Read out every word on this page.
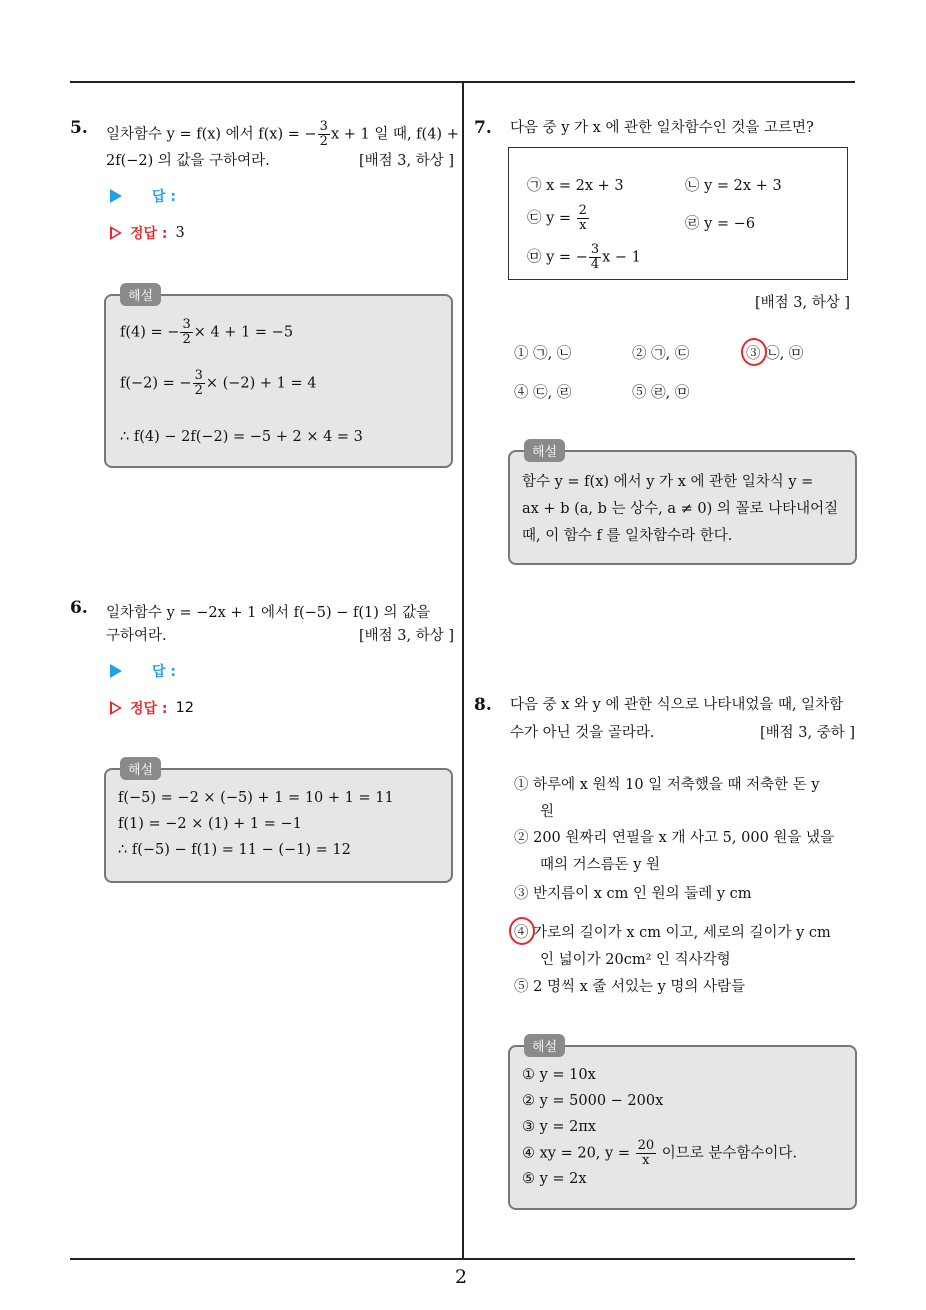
2
5. 일차함수 y = f(x) 에서 f(x) = − $\frac{3}{2}$ x + 1 일 때, f(4) +
2f(−2) 의 값을 구하여라.	[배점 3, 하상 ]
답 :
정답 : 3
해설
f(4) = − $\frac{3}{2} \times 4 + 1 = -5$
f(−2) = − $\frac{3}{2} \times (-2) + 1 = 4$
∴ f(4) − 2f(−2) = −5 + 2 × 4 = 3
6. 일차함수 y = −2x + 1 에서 f(−5) − f(1) 의 값을
구하여라.	[배점 3, 하상 ]
답 :
정답 : 12
해설
f(−5) = −2 × (−5) + 1 = 10 + 1 = 11
f(1) = −2 × (1) + 1 = −1
∴ f(−5) − f(1) = 11 − (−1) = 12
7. 다음 중 y 가 x 에 관한 일차함수인 것을 고르면?
㉠ x = 2x + 3	㉡ y = 2x + 3
㉢ $y = \frac{2}{x}$	㉣ y = −6
㉤ y = − $\frac{3}{4}$ x − 1
[배점 3, 하상 ]
① ㉠, ㉡	② ㉠, ㉢	③ ㉡, ㉤
④ ㉢, ㉣	⑤ ㉣, ㉤
해설
함수 y = f(x) 에서 y 가 x 에 관한 일차식 y =
ax + b (a, b 는 상수, a ≠ 0) 의 꼴로 나타내어질
때, 이 함수 f 를 일차함수라 한다.
8. 다음 중 x 와 y 에 관한 식으로 나타내었을 때, 일차함
수가 아닌 것을 골라라.	[배점 3, 중하 ]
① 하루에 x 원씩 10 일 저축했을 때 저축한 돈 y
원
② 200 원짜리 연필을 x 개 사고 5, 000 원을 냈을
때의 거스름돈 y 원
③ 반지름이 x cm 인 원의 둘레 y cm
④ 가로의 길이가 x cm 이고, 세로의 길이가 y cm
인 넓이가 20cm² 인 직사각형
⑤ 2 명씩 x 줄 서있는 y 명의 사람들
해설
① y = 10x
② y = 5000 − 200x
③ y = 2πx
④ xy = 20, $y = \frac{20}{x}$ 이므로 분수함수이다.
⑤ y = 2x
